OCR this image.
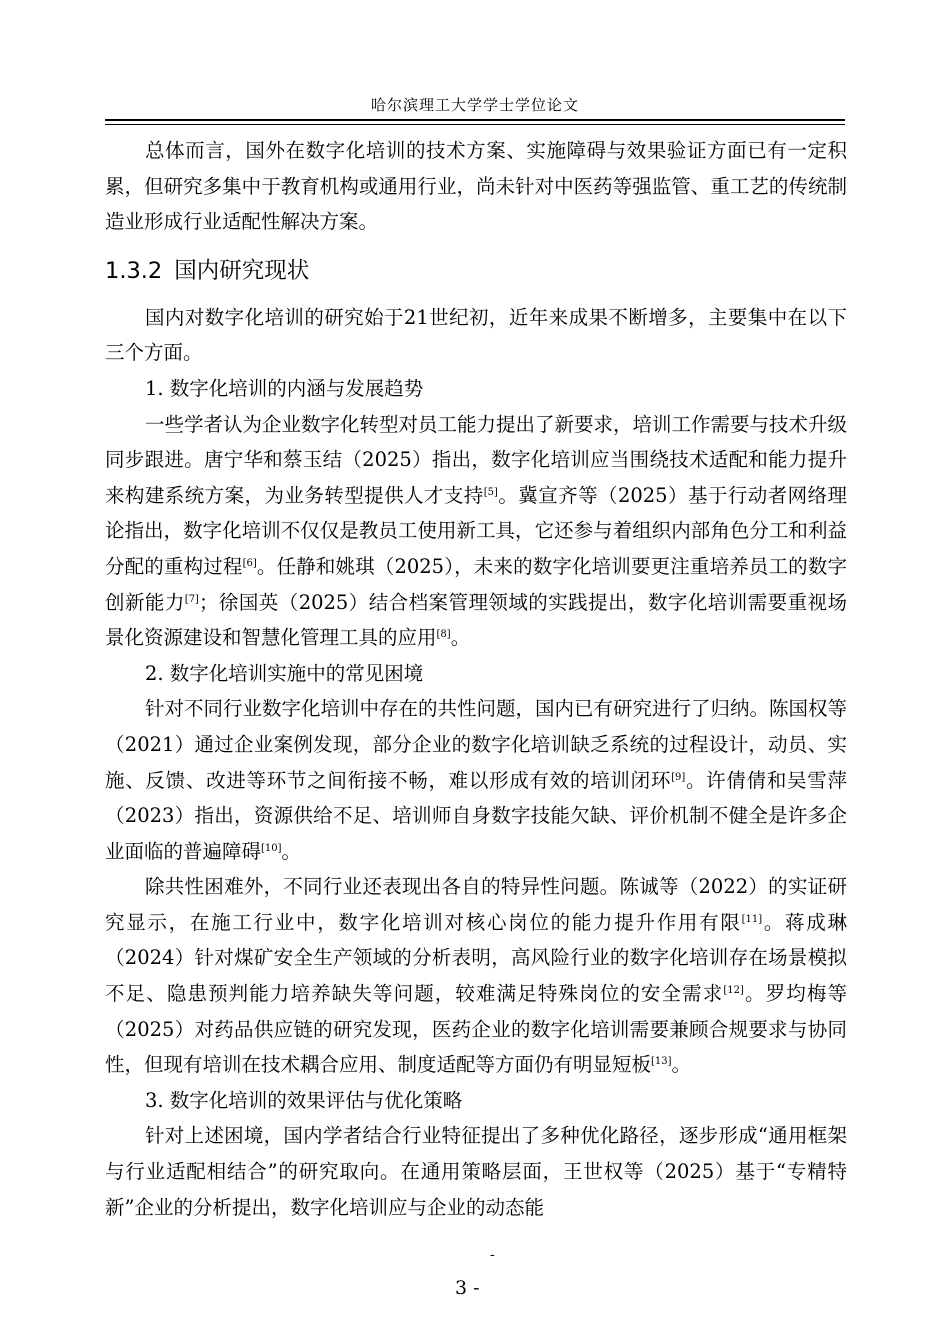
哈尔滨理工大学学士学位论文

总体而言，国外在数字化培训的技术方案、实施障碍与效果验证方面已有一定积累，但研究多集中于教育机构或通用行业，尚未针对中医药等强监管、重工艺的传统制造业形成行业适配性解决方案。

1.3.2 国内研究现状

国内对数字化培训的研究始于21世纪初，近年来成果不断增多，主要集中在以下三个方面。

1. 数字化培训的内涵与发展趋势

一些学者认为企业数字化转型对员工能力提出了新要求，培训工作需要与技术升级同步跟进。唐宁华和蔡玉结（2025）指出，数字化培训应当围绕技术适配和能力提升来构建系统方案，为业务转型提供人才支持[5]。冀宣齐等（2025）基于行动者网络理论指出，数字化培训不仅仅是教员工使用新工具，它还参与着组织内部角色分工和利益分配的重构过程[6]。任静和姚琪（2025），未来的数字化培训要更注重培养员工的数字创新能力[7]；徐国英（2025）结合档案管理领域的实践提出，数字化培训需要重视场景化资源建设和智慧化管理工具的应用[8]。

2. 数字化培训实施中的常见困境

针对不同行业数字化培训中存在的共性问题，国内已有研究进行了归纳。陈国权等（2021）通过企业案例发现，部分企业的数字化培训缺乏系统的过程设计，动员、实施、反馈、改进等环节之间衔接不畅，难以形成有效的培训闭环[9]。许倩倩和吴雪萍（2023）指出，资源供给不足、培训师自身数字技能欠缺、评价机制不健全是许多企业面临的普遍障碍[10]。

除共性困难外，不同行业还表现出各自的特异性问题。陈诚等（2022）的实证研究显示，在施工行业中，数字化培训对核心岗位的能力提升作用有限[11]。蒋成琳（2024）针对煤矿安全生产领域的分析表明，高风险行业的数字化培训存在场景模拟不足、隐患预判能力培养缺失等问题，较难满足特殊岗位的安全需求[12]。罗均梅等（2025）对药品供应链的研究发现，医药企业的数字化培训需要兼顾合规要求与协同性，但现有培训在技术耦合应用、制度适配等方面仍有明显短板[13]。

3. 数字化培训的效果评估与优化策略

针对上述困境，国内学者结合行业特征提出了多种优化路径，逐步形成“通用框架与行业适配相结合”的研究取向。在通用策略层面，王世权等（2025）基于“专精特新”企业的分析提出，数字化培训应与企业的动态能

-
3 -
